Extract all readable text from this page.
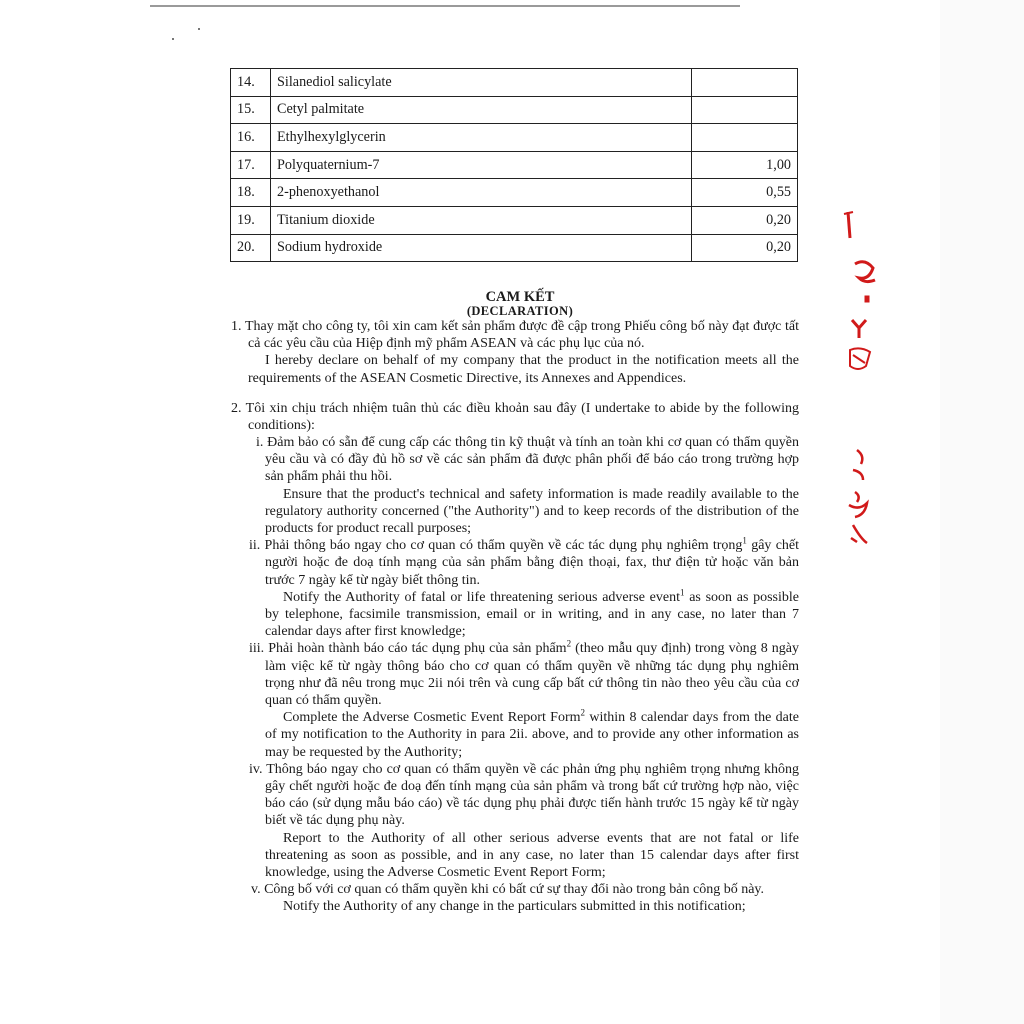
14.	Silanediol salicylate	
15.	Cetyl palmitate	
16.	Ethylhexylglycerin	
17.	Polyquaternium-7	1,00
18.	2-phenoxyethanol	0,55
19.	Titanium dioxide	0,20
20.	Sodium hydroxide	0,20
CAM KẾT
(DECLARATION)

1. Thay mặt cho công ty, tôi xin cam kết sản phẩm được đề cập trong Phiếu công bố này đạt được tất cả các yêu cầu của Hiệp định mỹ phẩm ASEAN và các phụ lục của nó.

I hereby declare on behalf of my company that the product in the notification meets all the requirements of the ASEAN Cosmetic Directive, its Annexes and Appendices.

2. Tôi xin chịu trách nhiệm tuân thủ các điều khoản sau đây (I undertake to abide by the following conditions):

i. Đảm bảo có sẵn để cung cấp các thông tin kỹ thuật và tính an toàn khi cơ quan có thẩm quyền yêu cầu và có đầy đủ hồ sơ về các sản phẩm đã được phân phối để báo cáo trong trường hợp sản phẩm phải thu hồi.

Ensure that the product's technical and safety information is made readily available to the regulatory authority concerned ("the Authority") and to keep records of the distribution of the products for product recall purposes;

ii. Phải thông báo ngay cho cơ quan có thẩm quyền về các tác dụng phụ nghiêm trọng$^1$ gây chết người hoặc đe doạ tính mạng của sản phẩm bằng điện thoại, fax, thư điện tử hoặc văn bản trước 7 ngày kể từ ngày biết thông tin.

Notify the Authority of fatal or life threatening serious adverse event$^1$ as soon as possible by telephone, facsimile transmission, email or in writing, and in any case, no later than 7 calendar days after first knowledge;

iii. Phải hoàn thành báo cáo tác dụng phụ của sản phẩm$^2$ (theo mẫu quy định) trong vòng 8 ngày làm việc kể từ ngày thông báo cho cơ quan có thẩm quyền về những tác dụng phụ nghiêm trọng như đã nêu trong mục 2ii nói trên và cung cấp bất cứ thông tin nào theo yêu cầu của cơ quan có thẩm quyền.

Complete the Adverse Cosmetic Event Report Form$^2$ within 8 calendar days from the date of my notification to the Authority in para 2ii. above, and to provide any other information as may be requested by the Authority;

iv. Thông báo ngay cho cơ quan có thẩm quyền về các phản ứng phụ nghiêm trọng nhưng không gây chết người hoặc đe doạ đến tính mạng của sản phẩm và trong bất cứ trường hợp nào, việc báo cáo (sử dụng mẫu báo cáo) về tác dụng phụ phải được tiến hành trước 15 ngày kể từ ngày biết về tác dụng phụ này.

Report to the Authority of all other serious adverse events that are not fatal or life threatening as soon as possible, and in any case, no later than 15 calendar days after first knowledge, using the Adverse Cosmetic Event Report Form;

v. Công bố với cơ quan có thẩm quyền khi có bất cứ sự thay đổi nào trong bản công bố này.

Notify the Authority of any change in the particulars submitted in this notification;
